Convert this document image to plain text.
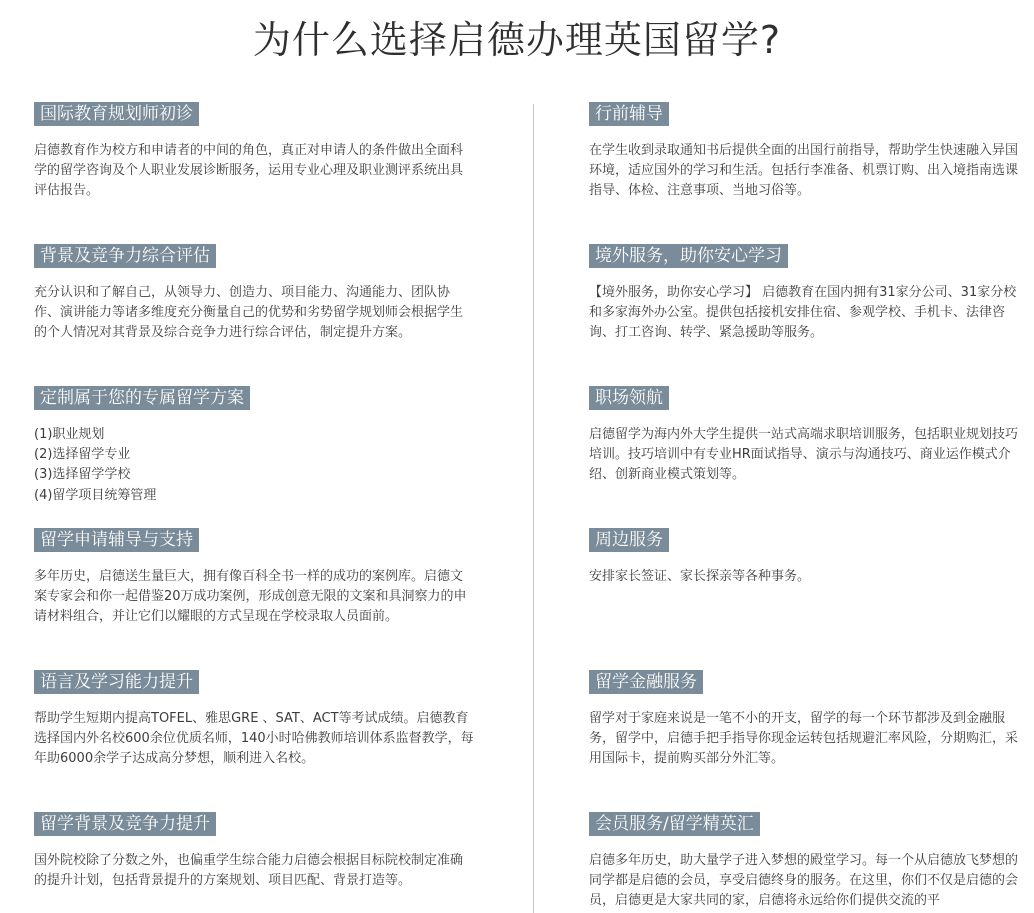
为什么选择启德办理英国留学?
国际教育规划师初诊

启德教育作为校方和申请者的中间的角色，真正对申请人的条件做出全面科学的留学咨询及个人职业发展诊断服务，运用专业心理及职业测评系统出具评估报告。

背景及竞争力综合评估

充分认识和了解自己，从领导力、创造力、项目能力、沟通能力、团队协作、演讲能力等诸多维度充分衡量自己的优势和劣势留学规划师会根据学生的个人情况对其背景及综合竞争力进行综合评估，制定提升方案。

定制属于您的专属留学方案
(1)职业规划
(2)选择留学专业
(3)选择留学学校
(4)留学项目统筹管理
留学申请辅导与支持

多年历史，启德送生量巨大，拥有像百科全书一样的成功的案例库。启德文案专家会和你一起借鉴20万成功案例，形成创意无限的文案和具洞察力的申请材料组合，并让它们以耀眼的方式呈现在学校录取人员面前。

语言及学习能力提升

帮助学生短期内提高TOFEL、雅思GRE 、SAT、ACT等考试成绩。启德教育选择国内外名校600余位优质名师，140小时哈佛教师培训体系监督教学，每年助6000余学子达成高分梦想，顺利进入名校。

留学背景及竞争力提升

国外院校除了分数之外，也偏重学生综合能力启德会根据目标院校制定准确的提升计划，包括背景提升的方案规划、项目匹配、背景打造等。

行前辅导

在学生收到录取通知书后提供全面的出国行前指导，帮助学生快速融入异国环境，适应国外的学习和生活。包括行李准备、机票订购、出入境指南选课指导、体检、注意事项、当地习俗等。

境外服务，助你安心学习

【境外服务，助你安心学习】 启德教育在国内拥有31家分公司、31家分校和多家海外办公室。提供包括接机安排住宿、参观学校、手机卡、法律咨询、打工咨询、转学、紧急援助等服务。

职场领航

启德留学为海内外大学生提供一站式高端求职培训服务，包括职业规划技巧培训。技巧培训中有专业HR面试指导、演示与沟通技巧、商业运作模式介绍、创新商业模式策划等。

周边服务

安排家长签证、家长探亲等各种事务。

留学金融服务

留学对于家庭来说是一笔不小的开支，留学的每一个环节都涉及到金融服务，留学中，启德手把手指导你现金运转包括规避汇率风险，分期购汇，采用国际卡，提前购买部分外汇等。

会员服务/留学精英汇

启德多年历史，助大量学子进入梦想的殿堂学习。每一个从启德放飞梦想的同学都是启德的会员，享受启德终身的服务。在这里，你们不仅是启德的会员，启德更是大家共同的家，启德将永远给你们提供交流的平
